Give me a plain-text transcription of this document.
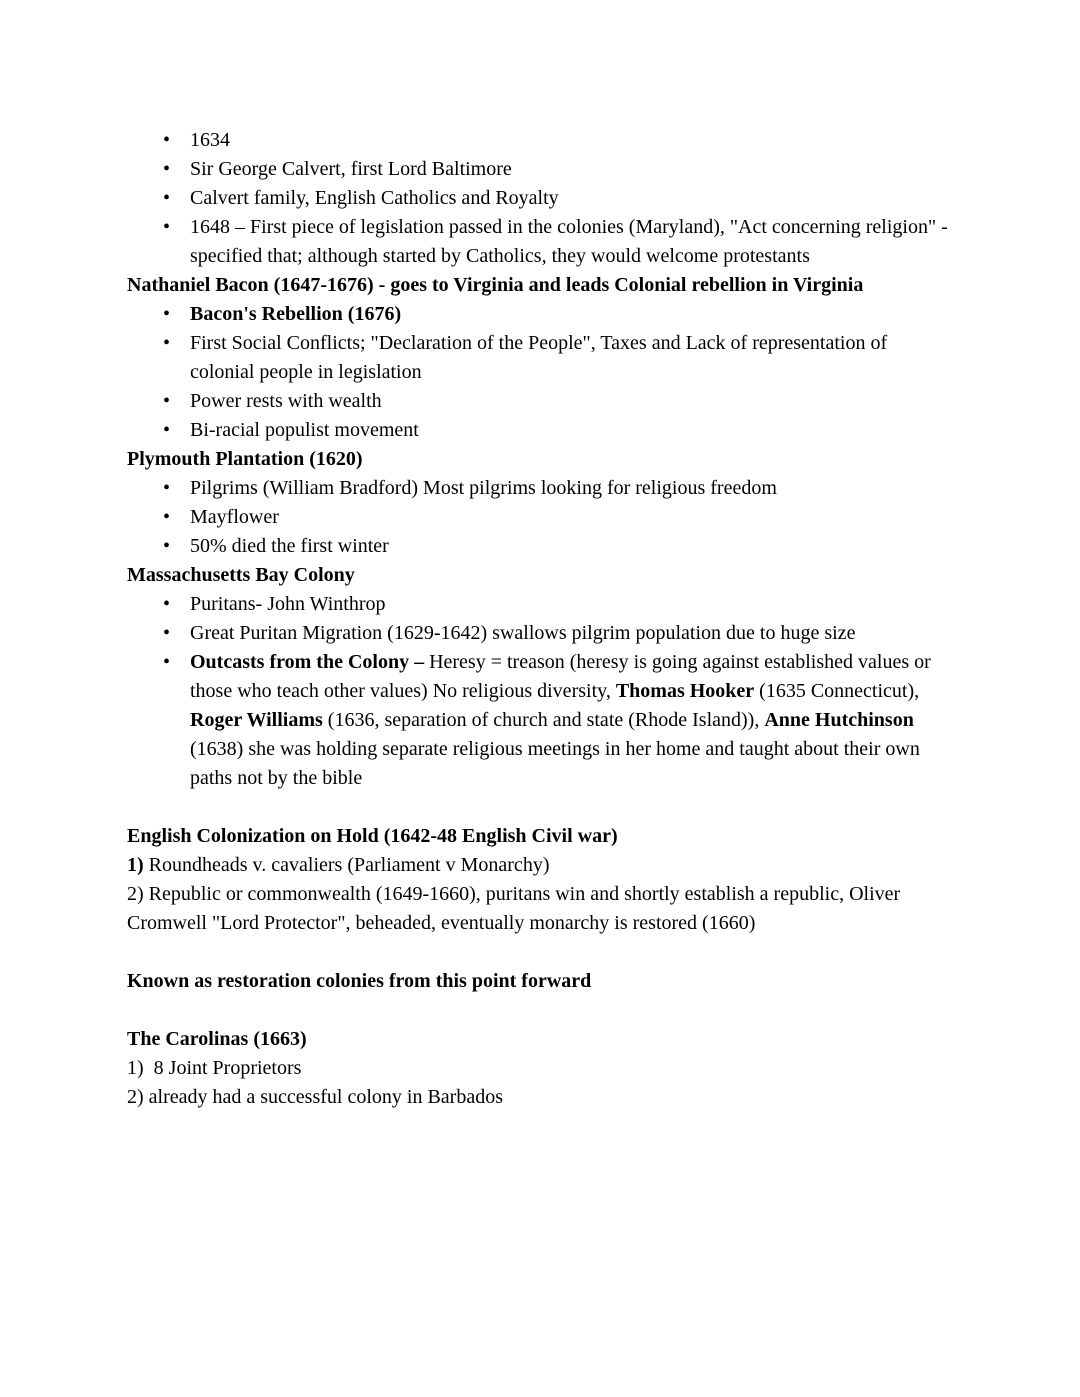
• 1634
• Sir George Calvert, first Lord Baltimore
• Calvert family, English Catholics and Royalty
• 1648 – First piece of legislation passed in the colonies (Maryland), "Act concerning religion" - specified that; although started by Catholics, they would welcome protestants

Nathaniel Bacon (1647-1676) - goes to Virginia and leads Colonial rebellion in Virginia

• Bacon's Rebellion (1676)
• First Social Conflicts; "Declaration of the People", Taxes and Lack of representation of colonial people in legislation
• Power rests with wealth
• Bi-racial populist movement

Plymouth Plantation (1620)

• Pilgrims (William Bradford) Most pilgrims looking for religious freedom
• Mayflower
• 50% died the first winter

Massachusetts Bay Colony

• Puritans- John Winthrop
• Great Puritan Migration (1629-1642) swallows pilgrim population due to huge size
• Outcasts from the Colony – Heresy = treason (heresy is going against established values or those who teach other values) No religious diversity, Thomas Hooker (1635 Connecticut), Roger Williams (1636, separation of church and state (Rhode Island)), Anne Hutchinson (1638) she was holding separate religious meetings in her home and taught about their own paths not by the bible

English Colonization on Hold (1642-48 English Civil war)

1) Roundheads v. cavaliers (Parliament v Monarchy)

2) Republic or commonwealth (1649-1660), puritans win and shortly establish a republic, Oliver Cromwell "Lord Protector", beheaded, eventually monarchy is restored (1660)

Known as restoration colonies from this point forward

The Carolinas (1663)

1)  8 Joint Proprietors

2) already had a successful colony in Barbados
